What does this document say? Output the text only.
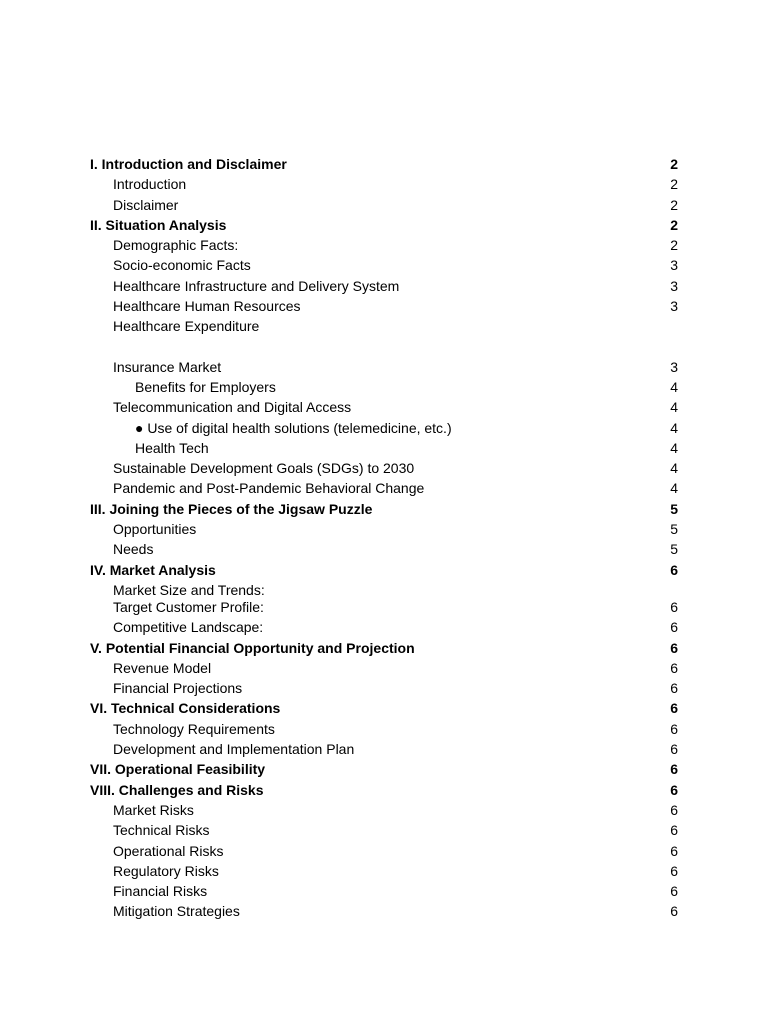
I. Introduction and Disclaimer	2
Introduction	2
Disclaimer	2
II. Situation Analysis	2
Demographic Facts:	2
Socio-economic Facts	3
Healthcare Infrastructure and Delivery System	3
Healthcare Human Resources	3
Healthcare Expenditure
Insurance Market	3
Benefits for Employers	4
Telecommunication and Digital Access	4
● Use of digital health solutions (telemedicine, etc.)	4
Health Tech	4
Sustainable Development Goals (SDGs) to 2030	4
Pandemic and Post-Pandemic Behavioral Change	4
III. Joining the Pieces of the Jigsaw Puzzle	5
Opportunities	5
Needs	5
IV. Market Analysis	6
Market Size and Trends:
Target Customer Profile:	6
Competitive Landscape:	6
V. Potential Financial Opportunity and Projection	6
Revenue Model	6
Financial Projections	6
VI. Technical Considerations	6
Technology Requirements	6
Development and Implementation Plan	6
VII. Operational Feasibility	6
VIII. Challenges and Risks	6
Market Risks	6
Technical Risks	6
Operational Risks	6
Regulatory Risks	6
Financial Risks	6
Mitigation Strategies	6
